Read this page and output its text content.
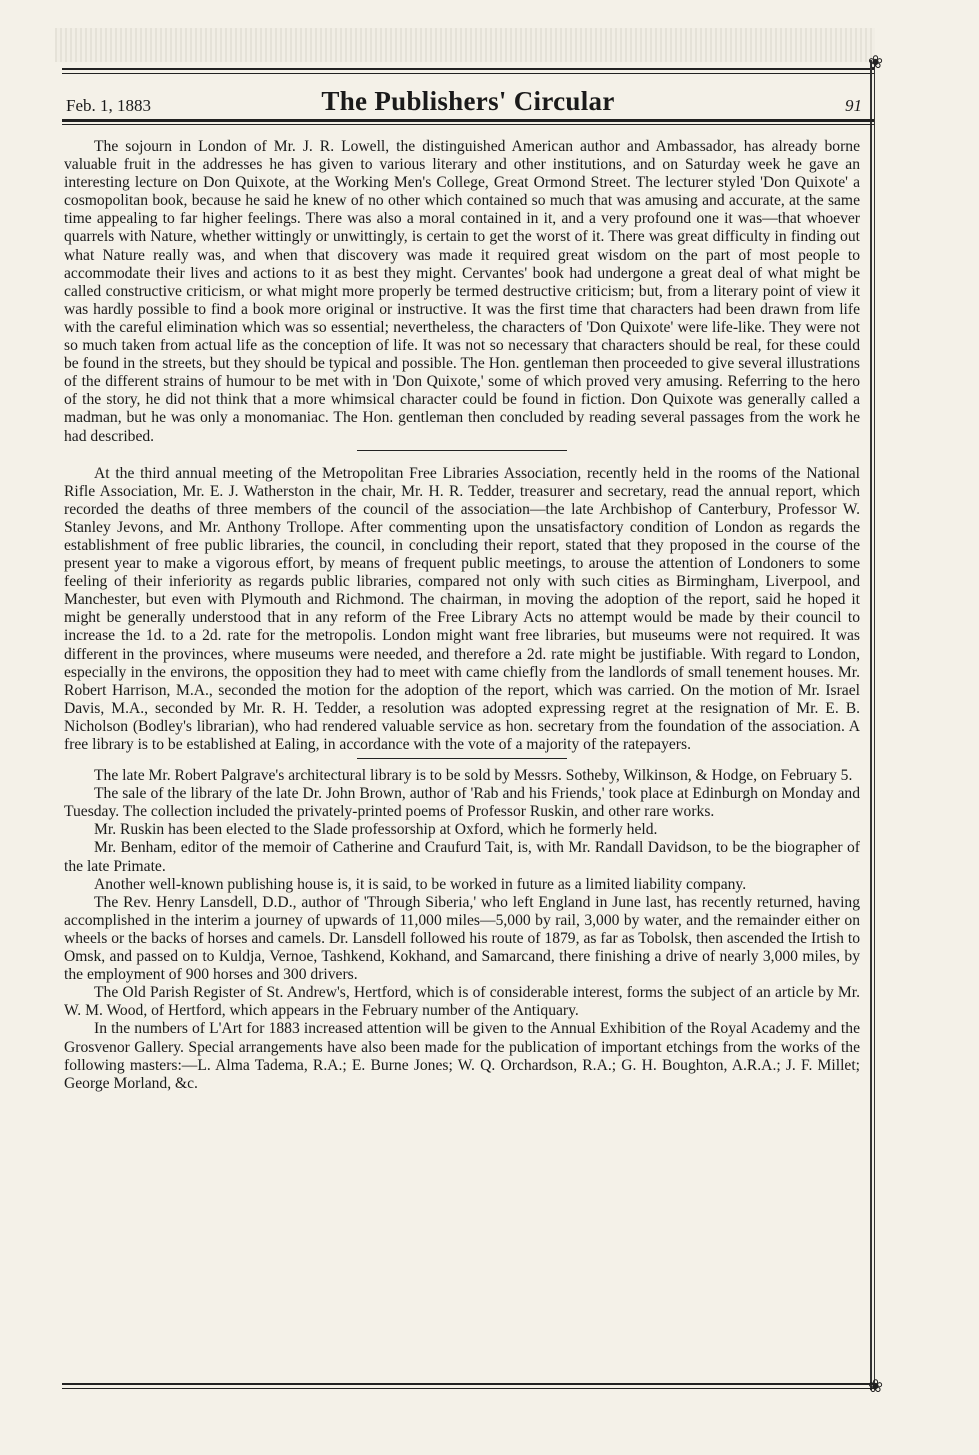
❀
Feb. 1, 1883	The Publishers' Circular	91

The sojourn in London of Mr. J. R. Lowell, the distinguished American author and Ambassador, has already borne valuable fruit in the addresses he has given to various literary and other institutions, and on Saturday week he gave an interesting lecture on Don Quixote, at the Working Men's College, Great Ormond Street. The lecturer styled 'Don Quixote' a cosmopolitan book, because he said he knew of no other which contained so much that was amusing and accurate, at the same time appealing to far higher feelings. There was also a moral contained in it, and a very profound one it was—that whoever quarrels with Nature, whether wittingly or unwittingly, is certain to get the worst of it. There was great difficulty in finding out what Nature really was, and when that discovery was made it required great wisdom on the part of most people to accommodate their lives and actions to it as best they might. Cervantes' book had undergone a great deal of what might be called constructive criticism, or what might more properly be termed destructive criticism; but, from a literary point of view it was hardly possible to find a book more original or instructive. It was the first time that characters had been drawn from life with the careful elimination which was so essential; nevertheless, the characters of 'Don Quixote' were life-like. They were not so much taken from actual life as the conception of life. It was not so necessary that characters should be real, for these could be found in the streets, but they should be typical and possible. The Hon. gentleman then proceeded to give several illustrations of the different strains of humour to be met with in 'Don Quixote,' some of which proved very amusing. Referring to the hero of the story, he did not think that a more whimsical character could be found in fiction. Don Quixote was generally called a madman, but he was only a monomaniac. The Hon. gentleman then concluded by reading several passages from the work he had described.

At the third annual meeting of the Metropolitan Free Libraries Association, recently held in the rooms of the National Rifle Association, Mr. E. J. Watherston in the chair, Mr. H. R. Tedder, treasurer and secretary, read the annual report, which recorded the deaths of three members of the council of the association—the late Archbishop of Canterbury, Professor W. Stanley Jevons, and Mr. Anthony Trollope. After commenting upon the unsatisfactory condition of London as regards the establishment of free public libraries, the council, in concluding their report, stated that they proposed in the course of the present year to make a vigorous effort, by means of frequent public meetings, to arouse the attention of Londoners to some feeling of their inferiority as regards public libraries, compared not only with such cities as Birmingham, Liverpool, and Manchester, but even with Plymouth and Richmond. The chairman, in moving the adoption of the report, said he hoped it might be generally understood that in any reform of the Free Library Acts no attempt would be made by their council to increase the 1d. to a 2d. rate for the metropolis. London might want free libraries, but museums were not required. It was different in the provinces, where museums were needed, and therefore a 2d. rate might be justifiable. With regard to London, especially in the environs, the opposition they had to meet with came chiefly from the landlords of small tenement houses. Mr. Robert Harrison, M.A., seconded the motion for the adoption of the report, which was carried. On the motion of Mr. Israel Davis, M.A., seconded by Mr. R. H. Tedder, a resolution was adopted expressing regret at the resignation of Mr. E. B. Nicholson (Bodley's librarian), who had rendered valuable service as hon. secretary from the foundation of the association. A free library is to be established at Ealing, in accordance with the vote of a majority of the ratepayers.

The late Mr. Robert Palgrave's architectural library is to be sold by Messrs. Sotheby, Wilkinson, & Hodge, on February 5.

The sale of the library of the late Dr. John Brown, author of 'Rab and his Friends,' took place at Edinburgh on Monday and Tuesday. The collection included the privately-printed poems of Professor Ruskin, and other rare works.

Mr. Ruskin has been elected to the Slade professorship at Oxford, which he formerly held.

Mr. Benham, editor of the memoir of Catherine and Craufurd Tait, is, with Mr. Randall Davidson, to be the biographer of the late Primate.

Another well-known publishing house is, it is said, to be worked in future as a limited liability company.

The Rev. Henry Lansdell, D.D., author of 'Through Siberia,' who left England in June last, has recently returned, having accomplished in the interim a journey of upwards of 11,000 miles—5,000 by rail, 3,000 by water, and the remainder either on wheels or the backs of horses and camels. Dr. Lansdell followed his route of 1879, as far as Tobolsk, then ascended the Irtish to Omsk, and passed on to Kuldja, Vernoe, Tashkend, Kokhand, and Samarcand, there finishing a drive of nearly 3,000 miles, by the employment of 900 horses and 300 drivers.

The Old Parish Register of St. Andrew's, Hertford, which is of considerable interest, forms the subject of an article by Mr. W. M. Wood, of Hertford, which appears in the February number of the Antiquary.

In the numbers of L'Art for 1883 increased attention will be given to the Annual Exhibition of the Royal Academy and the Grosvenor Gallery. Special arrangements have also been made for the publication of important etchings from the works of the following masters:—L. Alma Tadema, R.A.; E. Burne Jones; W. Q. Orchardson, R.A.; G. H. Boughton, A.R.A.; J. F. Millet; George Morland, &c.

❀
